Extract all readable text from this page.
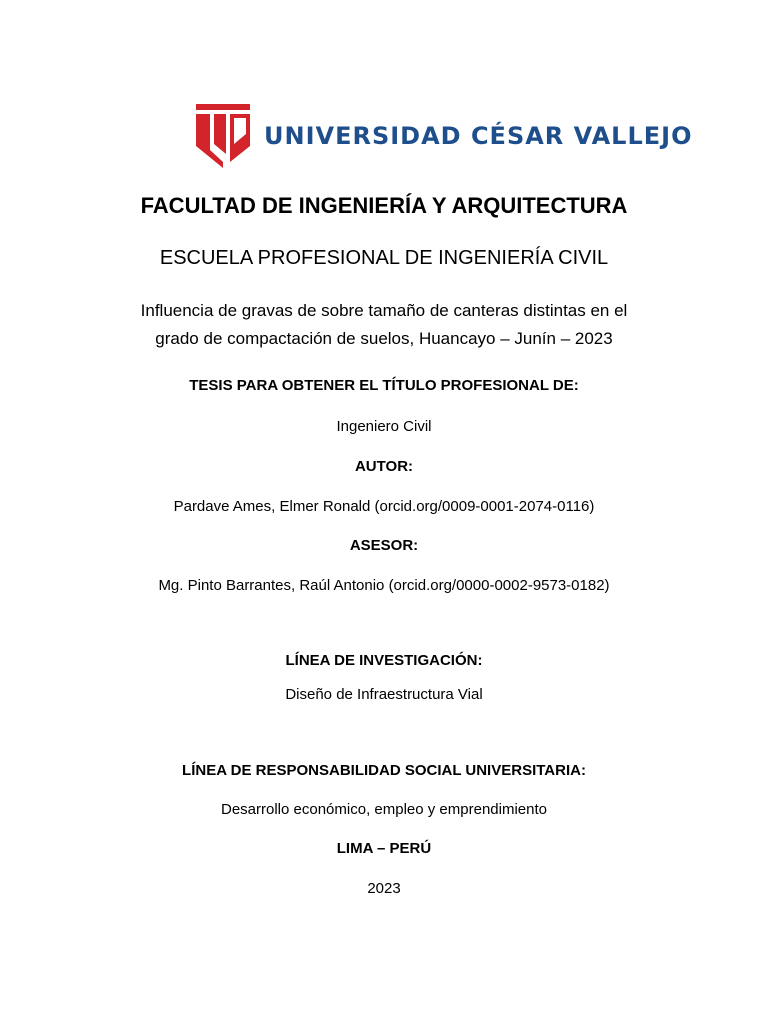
UNIVERSIDAD CÉSAR VALLEJO
FACULTAD DE INGENIERÍA Y ARQUITECTURA
ESCUELA PROFESIONAL DE INGENIERÍA CIVIL
Influencia de gravas de sobre tamaño de canteras distintas en el
grado de compactación de suelos, Huancayo – Junín – 2023
TESIS PARA OBTENER EL TÍTULO PROFESIONAL DE:
Ingeniero Civil
AUTOR:
Pardave Ames, Elmer Ronald (orcid.org/0009-0001-2074-0116)
ASESOR:
Mg. Pinto Barrantes, Raúl Antonio (orcid.org/0000-0002-9573-0182)
LÍNEA DE INVESTIGACIÓN:
Diseño de Infraestructura Vial
LÍNEA DE RESPONSABILIDAD SOCIAL UNIVERSITARIA:
Desarrollo económico, empleo y emprendimiento
LIMA – PERÚ
2023
